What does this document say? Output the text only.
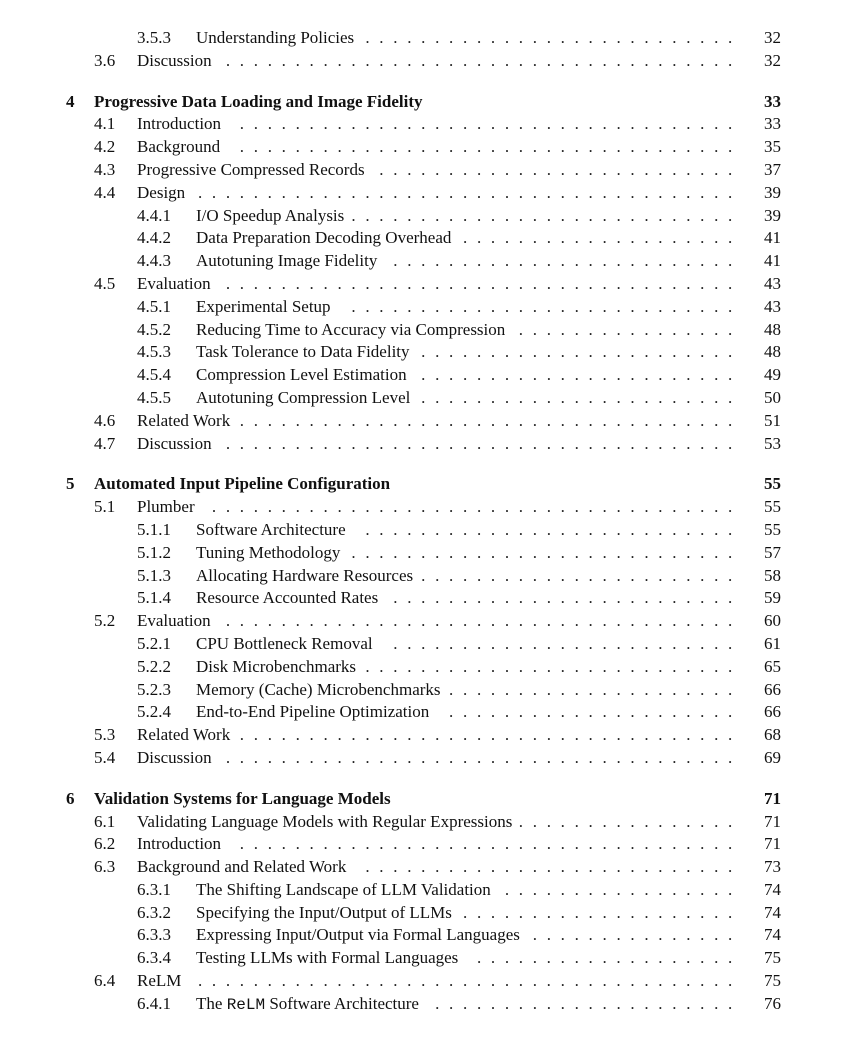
3.5.3 Understanding Policies ........................... 32
3.6 Discussion ..................................... 32
4 Progressive Data Loading and Image Fidelity	33
4.1 Introduction	.................................... 33
4.2 Background	.................................... 35
4.3 Progressive Compressed Records .......................... 37
4.4 Design ....................................... 39
4.4.1 I/O Speedup Analysis ............................ 39
4.4.2 Data Preparation Decoding Overhead .................... 41
4.4.3 Autotuning Image Fidelity ......................... 41
4.5 Evaluation ..................................... 43
4.5.1 Experimental Setup	............................ 43
4.5.2 Reducing Time to Accuracy via Compression ................ 48
4.5.3 Task Tolerance to Data Fidelity ....................... 48
4.5.4 Compression Level Estimation ....................... 49
4.5.5 Autotuning Compression Level ....................... 50
4.6 Related Work .................................... 51
4.7 Discussion ..................................... 53
5 Automated Input Pipeline Configuration	55
5.1 Plumber	...................................... 55
5.1.1 Software Architecture	........................... 55
5.1.2 Tuning Methodology ............................ 57
5.1.3 Allocating Hardware Resources ....................... 58
5.1.4 Resource Accounted Rates ......................... 59
5.2 Evaluation ..................................... 60
5.2.1 CPU Bottleneck Removal	......................... 61
5.2.2 Disk Microbenchmarks ........................... 65
5.2.3 Memory (Cache) Microbenchmarks ..................... 66
5.2.4 End-to-End Pipeline Optimization	..................... 66
5.3 Related Work .................................... 68
5.4 Discussion ..................................... 69
6 Validation Systems for Language Models	71
6.1 Validating Language Models with Regular Expressions ................ 71
6.2 Introduction	.................................... 71
6.3 Background and Related Work	........................... 73
6.3.1 The Shifting Landscape of LLM Validation ................. 74
6.3.2 Specifying the Input/Output of LLMs .................... 74
6.3.3 Expressing Input/Output via Formal Languages ............... 74
6.3.4 Testing LLMs with Formal Languages	................... 75
6.4 ReLM ....................................... 75
6.4.1 The ReLM Software Architecture ...................... 76
